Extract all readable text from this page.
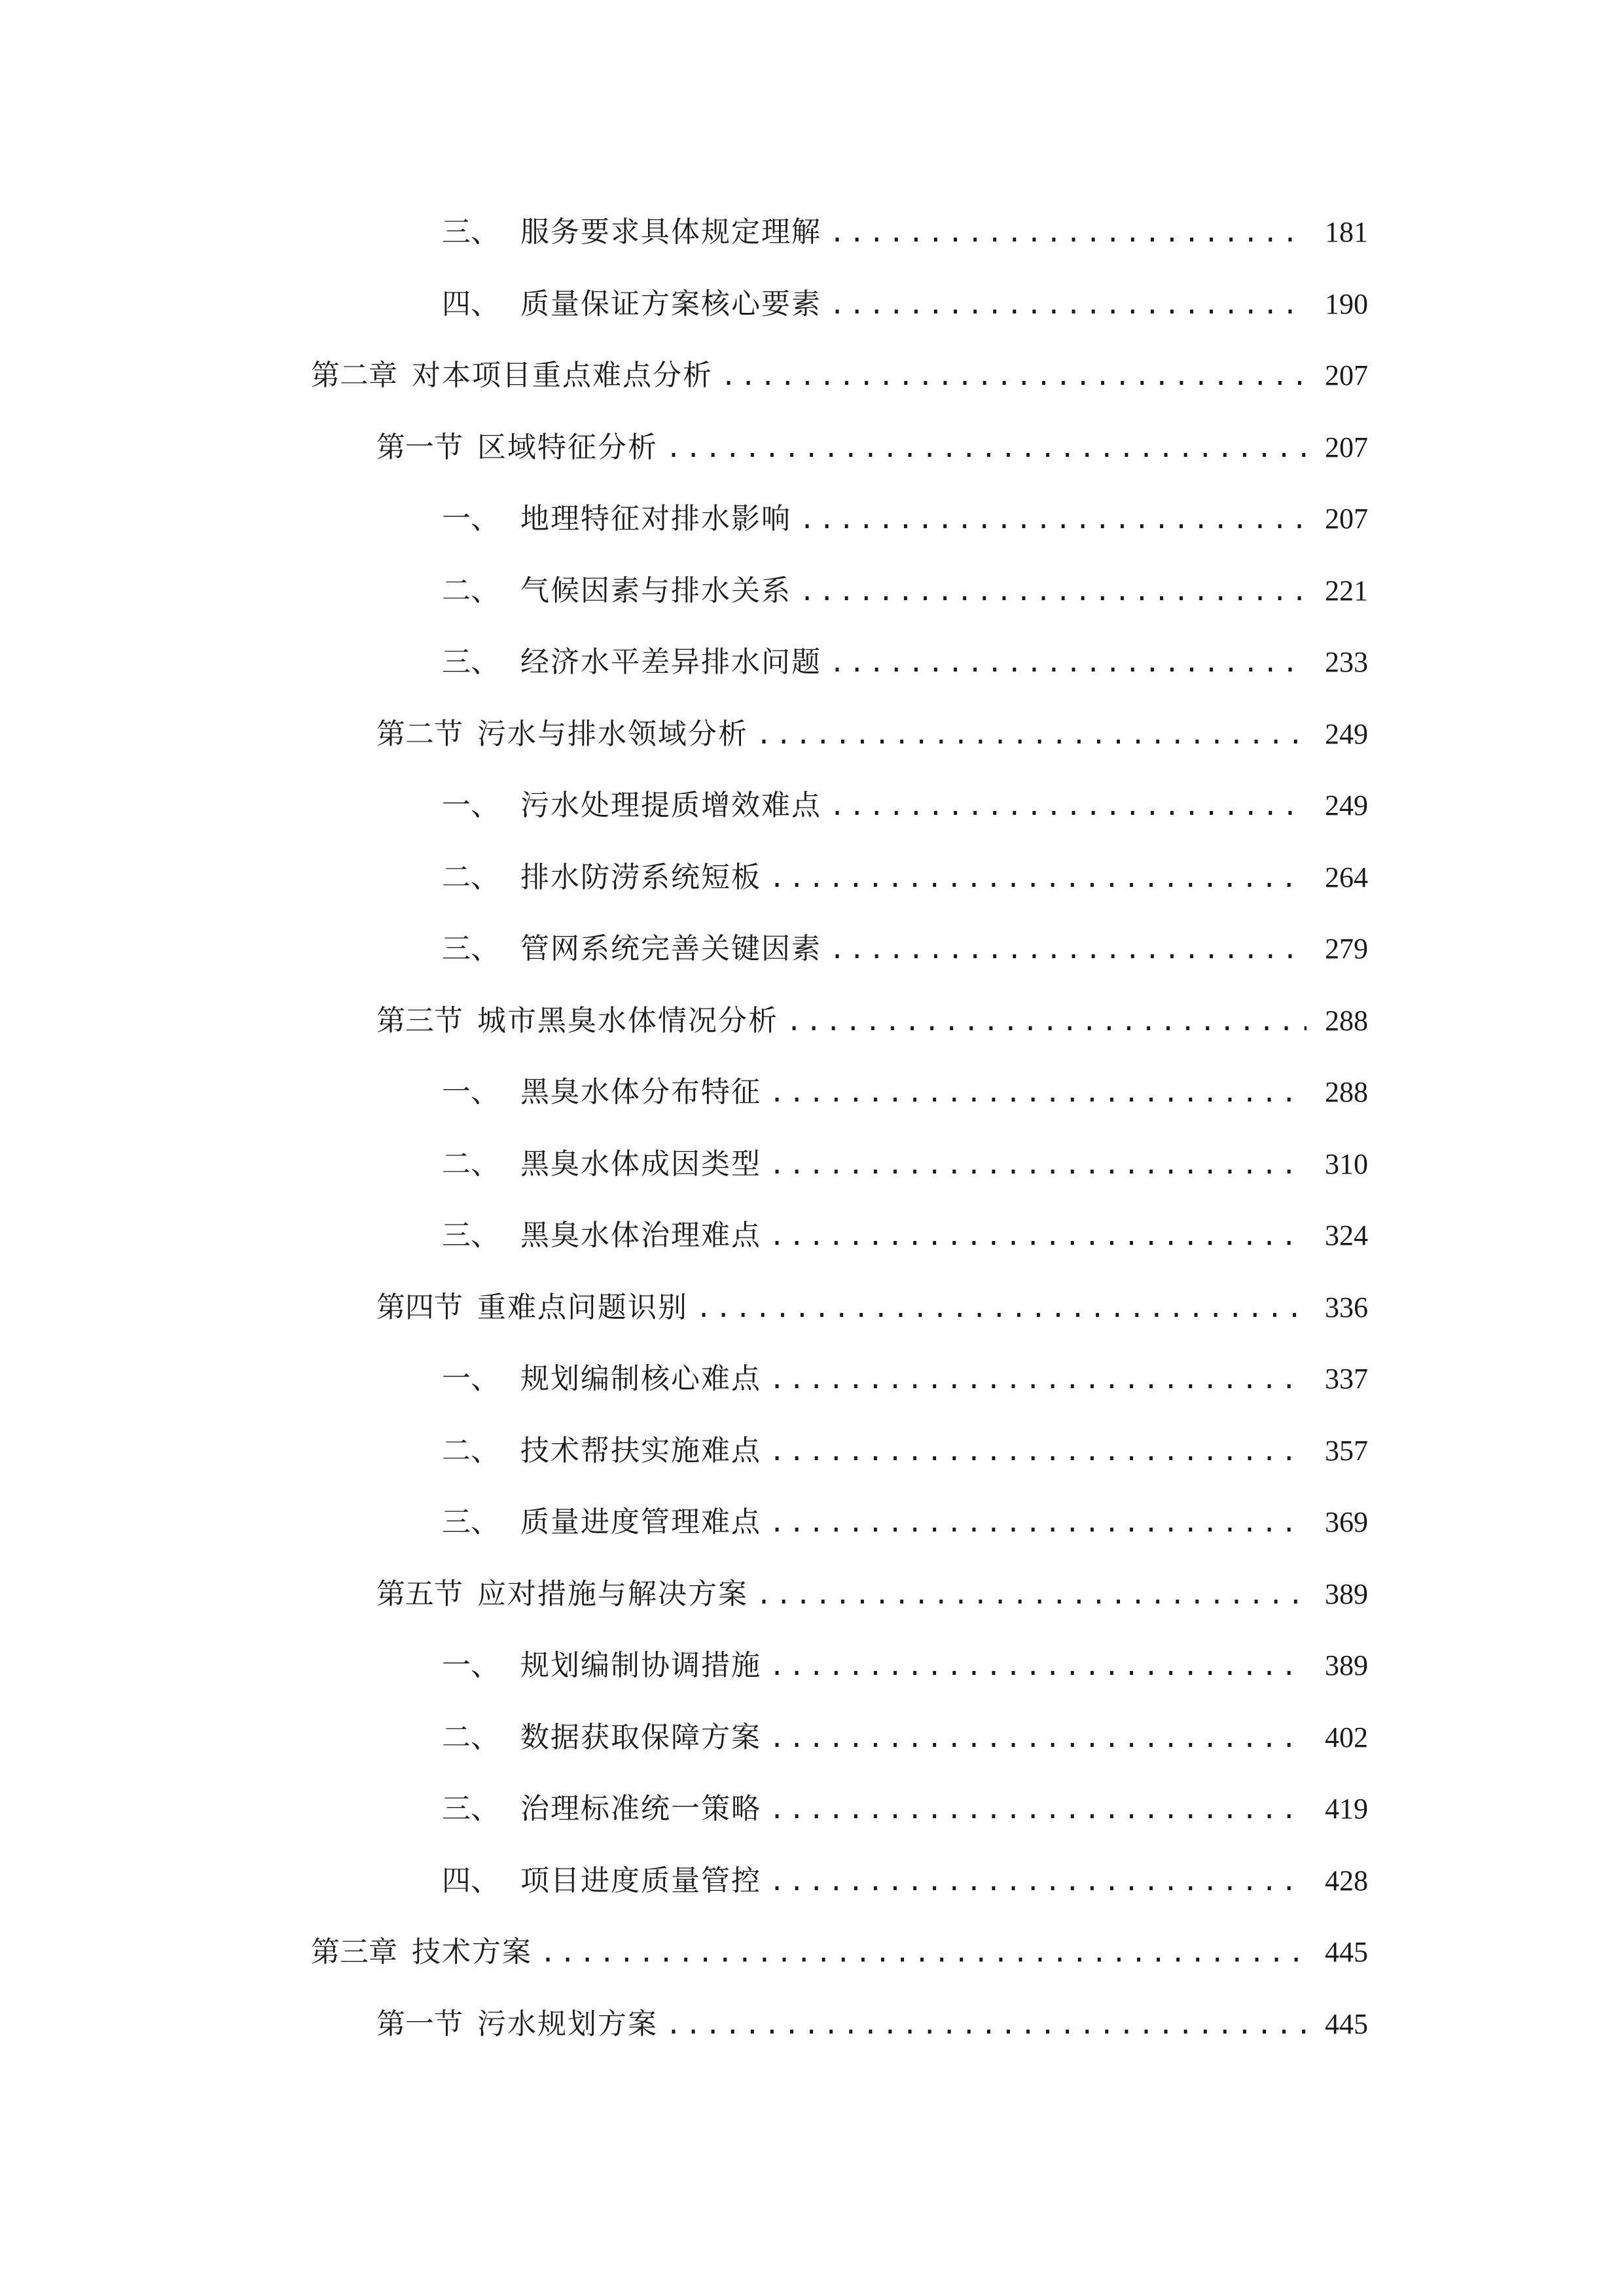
三、 服务要求具体规定理解 .....	181
四、 质量保证方案核心要素 .....	190
第二章 对本项目重点难点分析 .....	207
第一节 区域特征分析 .....	207
一、 地理特征对排水影响 .....	207
二、 气候因素与排水关系 .....	221
三、 经济水平差异排水问题 .....	233
第二节 污水与排水领域分析 .....	249
一、 污水处理提质增效难点 .....	249
二、 排水防涝系统短板 .....	264
三、 管网系统完善关键因素 .....	279
第三节 城市黑臭水体情况分析 .....	288
一、 黑臭水体分布特征 .....	288
二、 黑臭水体成因类型 .....	310
三、 黑臭水体治理难点 .....	324
第四节 重难点问题识别 .....	336
一、 规划编制核心难点 .....	337
二、 技术帮扶实施难点 .....	357
三、 质量进度管理难点 .....	369
第五节 应对措施与解决方案 .....	389
一、 规划编制协调措施 .....	389
二、 数据获取保障方案 .....	402
三、 治理标准统一策略 .....	419
四、 项目进度质量管控 .....	428
第三章 技术方案 .....	445
第一节 污水规划方案 .....	445
